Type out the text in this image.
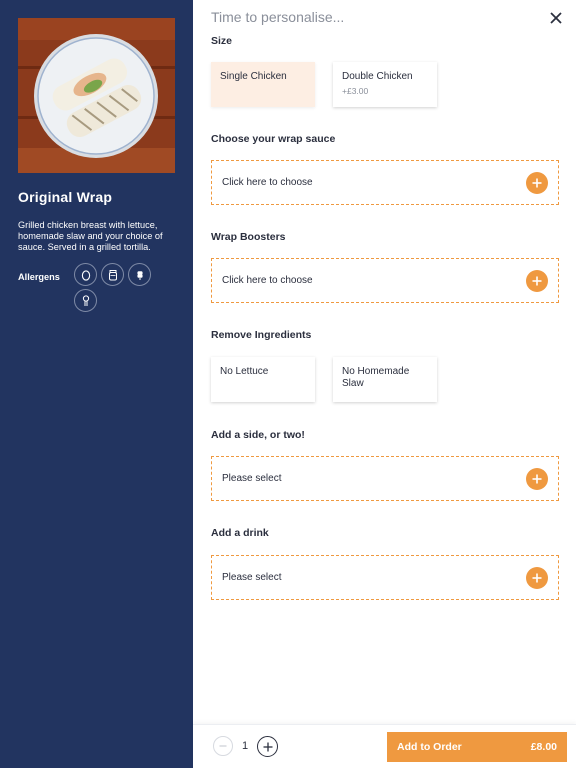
Original Wrap
Grilled chicken breast with lettuce, homemade slaw and your choice of sauce. Served in a grilled tortilla.
Allergens
Time to personalise...
Size
Single Chicken	Double Chicken
+£3.00
Choose your wrap sauce
Click here to choose
Wrap Boosters
Click here to choose
Remove Ingredients
No Lettuce	No Homemade Slaw
Add a side, or two!
Please select
Add a drink
Please select
1	Add to Order	£8.00
